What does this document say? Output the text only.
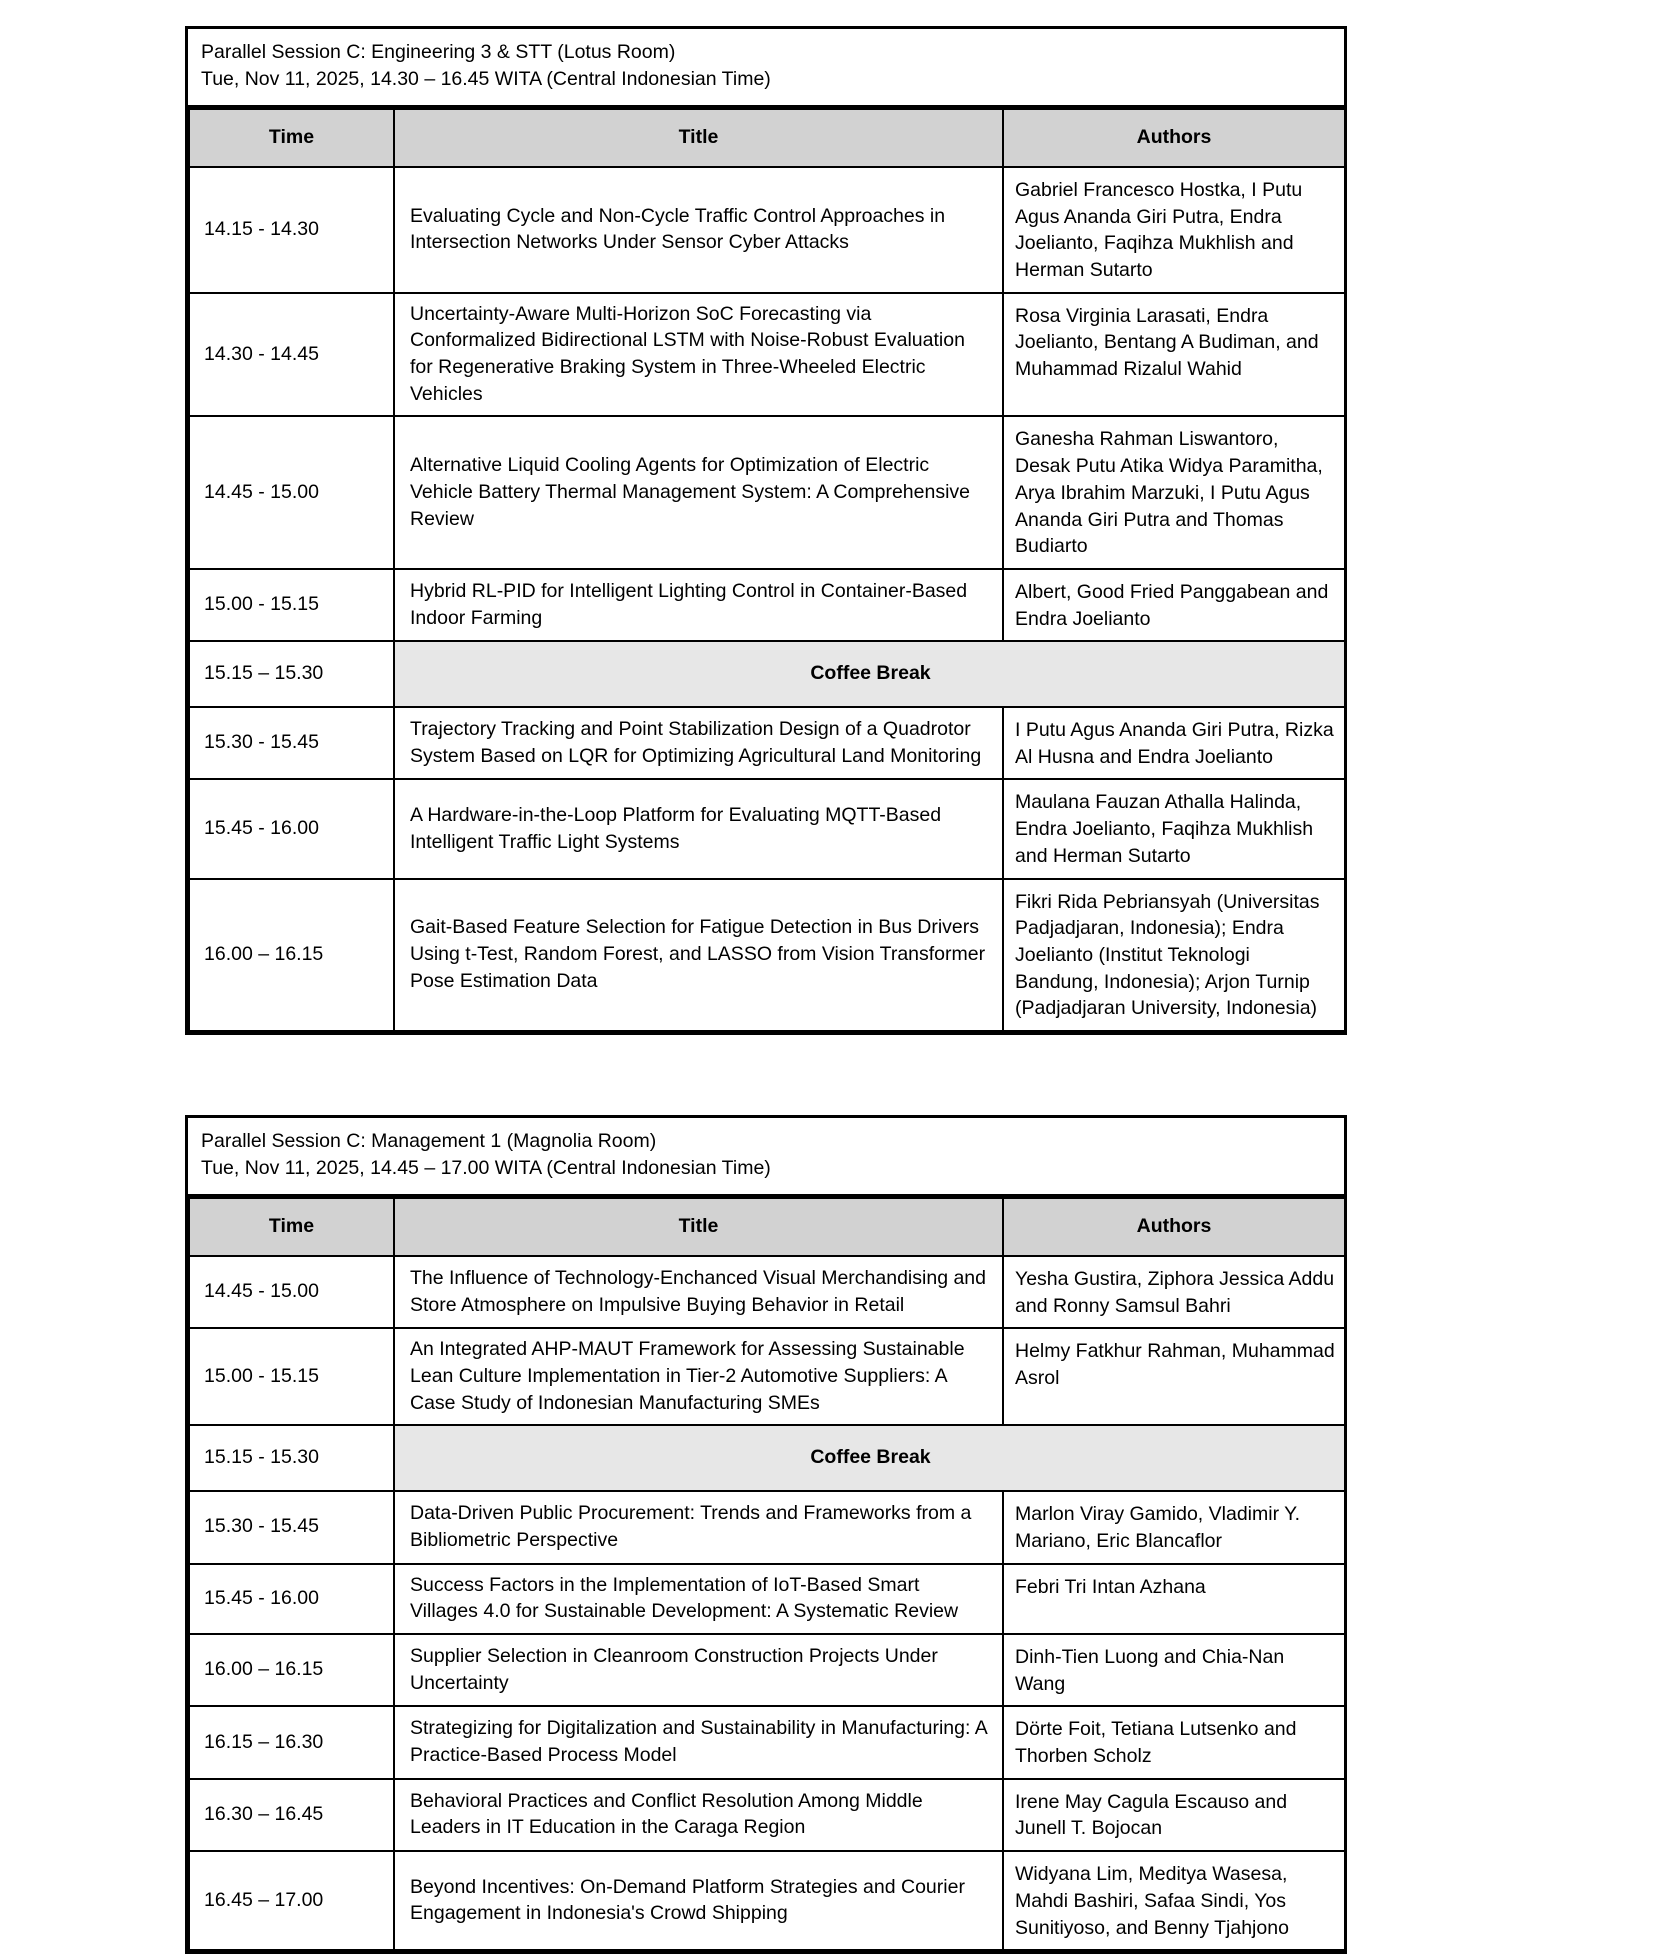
Parallel Session C: Engineering 3 & STT (Lotus Room)
Tue, Nov 11, 2025, 14.30 – 16.45 WITA (Central Indonesian Time)
Time	Title	Authors
14.15 - 14.30	Evaluating Cycle and Non-Cycle Traffic Control Approaches in Intersection Networks Under Sensor Cyber Attacks	Gabriel Francesco Hostka, I Putu Agus Ananda Giri Putra, Endra Joelianto, Faqihza Mukhlish and Herman Sutarto
14.30 - 14.45	Uncertainty-Aware Multi-Horizon SoC Forecasting via Conformalized Bidirectional LSTM with Noise-Robust Evaluation for Regenerative Braking System in Three-Wheeled Electric Vehicles	Rosa Virginia Larasati, Endra Joelianto, Bentang A Budiman, and Muhammad Rizalul Wahid
14.45 - 15.00	Alternative Liquid Cooling Agents for Optimization of Electric Vehicle Battery Thermal Management System: A Comprehensive Review	Ganesha Rahman Liswantoro, Desak Putu Atika Widya Paramitha, Arya Ibrahim Marzuki, I Putu Agus Ananda Giri Putra and Thomas Budiarto
15.00 - 15.15	Hybrid RL-PID for Intelligent Lighting Control in Container-Based Indoor Farming	Albert, Good Fried Panggabean and Endra Joelianto
15.15 – 15.30	Coffee Break	
15.30 - 15.45	Trajectory Tracking and Point Stabilization Design of a Quadrotor System Based on LQR for Optimizing Agricultural Land Monitoring	I Putu Agus Ananda Giri Putra, Rizka Al Husna and Endra Joelianto
15.45 - 16.00	A Hardware-in-the-Loop Platform for Evaluating MQTT-Based Intelligent Traffic Light Systems	Maulana Fauzan Athalla Halinda, Endra Joelianto, Faqihza Mukhlish and Herman Sutarto
16.00 – 16.15	Gait-Based Feature Selection for Fatigue Detection in Bus Drivers Using t-Test, Random Forest, and LASSO from Vision Transformer Pose Estimation Data	Fikri Rida Pebriansyah (Universitas Padjadjaran, Indonesia); Endra Joelianto (Institut Teknologi Bandung, Indonesia); Arjon Turnip (Padjadjaran University, Indonesia)
Parallel Session C: Management 1 (Magnolia Room)
Tue, Nov 11, 2025, 14.45 – 17.00 WITA (Central Indonesian Time)
Time	Title	Authors
14.45 - 15.00	The Influence of Technology-Enchanced Visual Merchandising and Store Atmosphere on Impulsive Buying Behavior in Retail	Yesha Gustira, Ziphora Jessica Addu and Ronny Samsul Bahri
15.00 - 15.15	An Integrated AHP-MAUT Framework for Assessing Sustainable Lean Culture Implementation in Tier-2 Automotive Suppliers: A Case Study of Indonesian Manufacturing SMEs	Helmy Fatkhur Rahman, Muhammad Asrol
15.15 - 15.30	Coffee Break	
15.30 - 15.45	Data-Driven Public Procurement: Trends and Frameworks from a Bibliometric Perspective	Marlon Viray Gamido, Vladimir Y. Mariano, Eric Blancaflor
15.45 - 16.00	Success Factors in the Implementation of IoT-Based Smart Villages 4.0 for Sustainable Development: A Systematic Review	Febri Tri Intan Azhana
16.00 – 16.15	Supplier Selection in Cleanroom Construction Projects Under Uncertainty	Dinh-Tien Luong and Chia-Nan Wang
16.15 – 16.30	Strategizing for Digitalization and Sustainability in Manufacturing: A Practice-Based Process Model	Dörte Foit, Tetiana Lutsenko and Thorben Scholz
16.30 – 16.45	Behavioral Practices and Conflict Resolution Among Middle Leaders in IT Education in the Caraga Region	Irene May Cagula Escauso and Junell T. Bojocan
16.45 – 17.00	Beyond Incentives: On-Demand Platform Strategies and Courier Engagement in Indonesia's Crowd Shipping	Widyana Lim, Meditya Wasesa, Mahdi Bashiri, Safaa Sindi, Yos Sunitiyoso, and Benny Tjahjono
